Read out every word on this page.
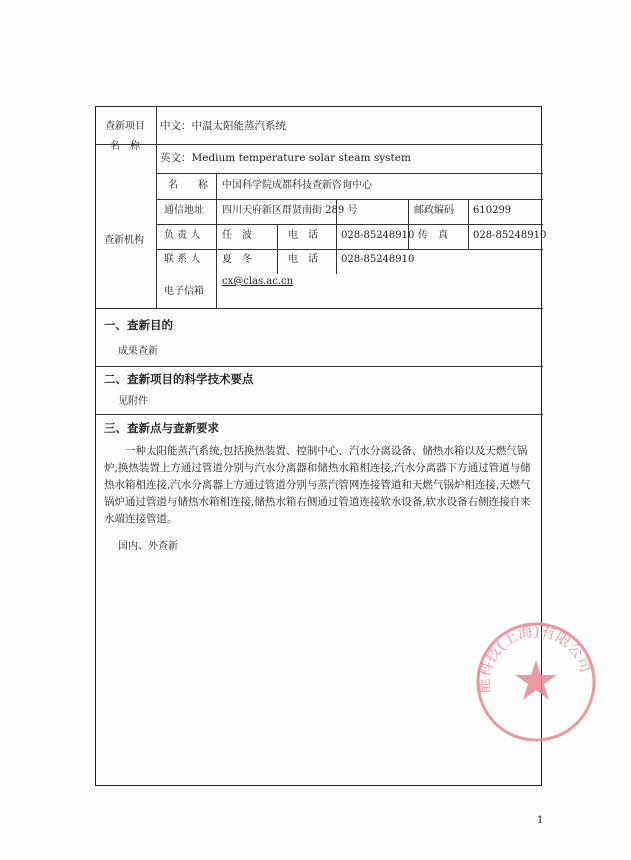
查新项目
名　称
中文：中温太阳能蒸汽系统
英文：Medium temperature solar steam system
查新机构
名　　称 中国科学院成都科技查新咨询中心
通信地址 四川天府新区群贤南街 289 号	邮政编码 610299
负 责 人 任　波	电　话 028-85248910 传　真	028-85248910
联 系 人 夏　冬	电　话 028-85248910
电子信箱
cx@clas.ac.cn
一、查新目的
成果查新
二、查新项目的科学技术要点
见附件
三、查新点与查新要求
一种太阳能蒸汽系统,包括换热装置、控制中心、汽水分离设备、储热水箱以及天燃气锅炉,换热装置上方通过管道分别与汽水分离器和储热水箱相连接,汽水分离器下方通过管道与储热水箱相连接,汽水分离器上方通过管道分别与蒸汽管网连接管道和天燃气锅炉相连接,天燃气锅炉通过管道与储热水箱相连接,储热水箱右侧通过管道连接软水设备,软水设备右侧连接自来水端连接管道。
国内、外查新
能科技(上海)有限公司
1
